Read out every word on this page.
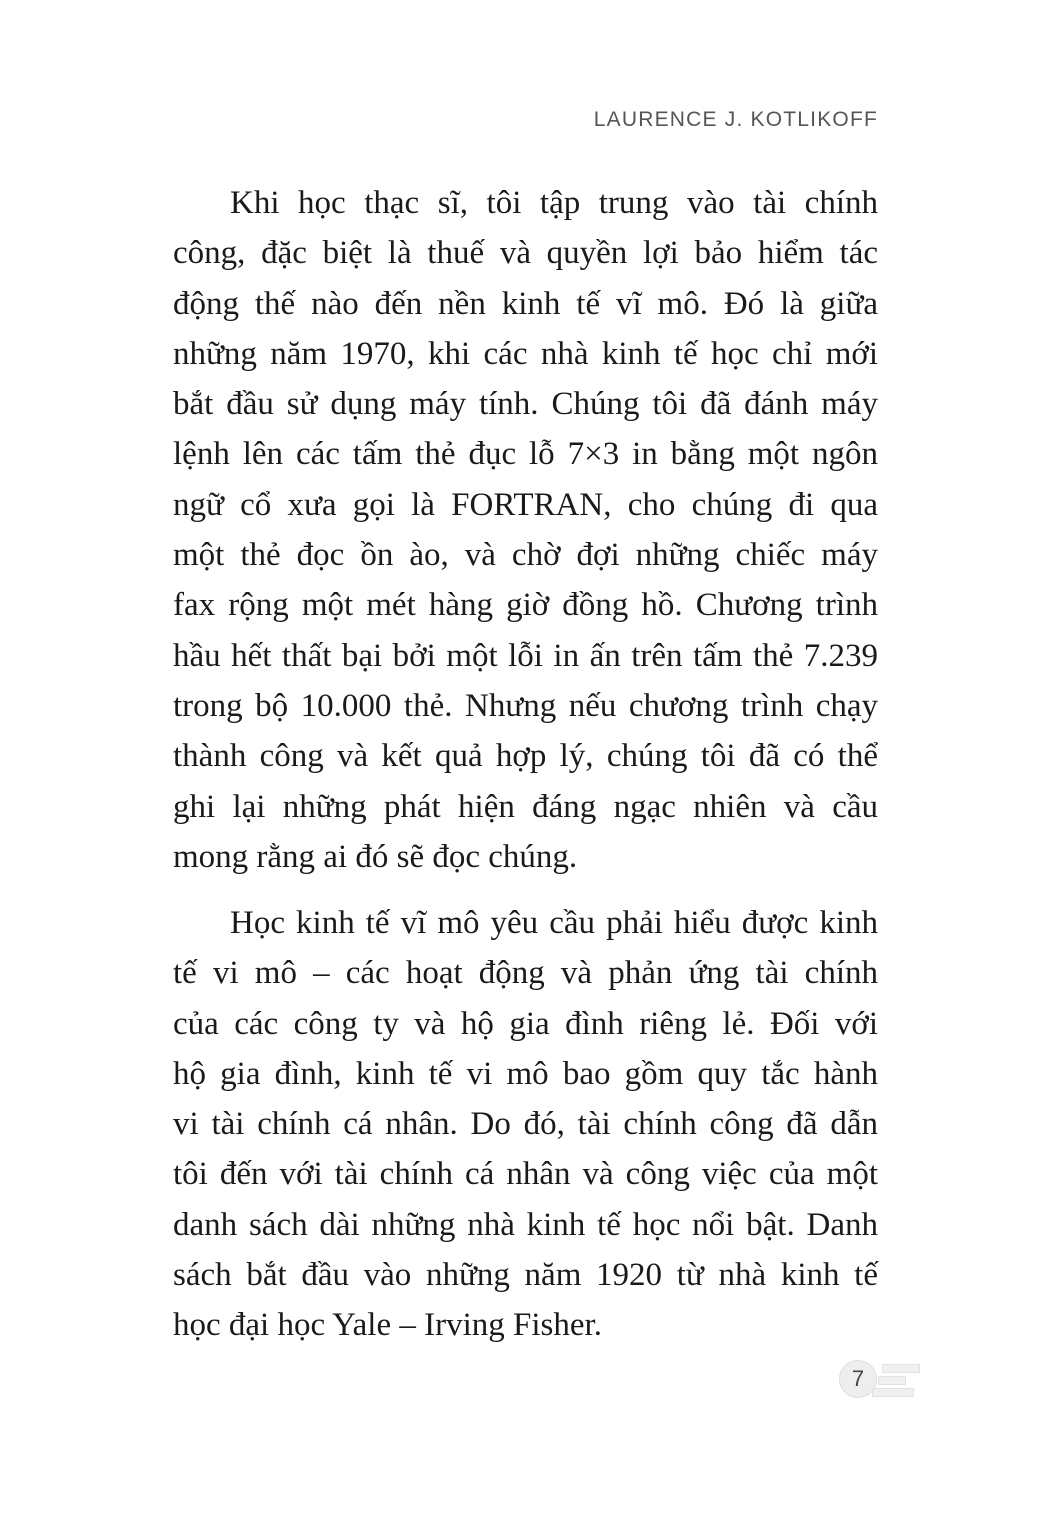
LAURENCE J. KOTLIKOFF
Khi học thạc sĩ, tôi tập trung vào tài chính
công, đặc biệt là thuế và quyền lợi bảo hiểm tác
động thế nào đến nền kinh tế vĩ mô. Đó là giữa
những năm 1970, khi các nhà kinh tế học chỉ mới
bắt đầu sử dụng máy tính. Chúng tôi đã đánh máy
lệnh lên các tấm thẻ đục lỗ 7×3 in bằng một ngôn
ngữ cổ xưa gọi là FORTRAN, cho chúng đi qua
một thẻ đọc ồn ào, và chờ đợi những chiếc máy
fax rộng một mét hàng giờ đồng hồ. Chương trình
hầu hết thất bại bởi một lỗi in ấn trên tấm thẻ 7.239
trong bộ 10.000 thẻ. Nhưng nếu chương trình chạy
thành công và kết quả hợp lý, chúng tôi đã có thể
ghi lại những phát hiện đáng ngạc nhiên và cầu
mong rằng ai đó sẽ đọc chúng.
Học kinh tế vĩ mô yêu cầu phải hiểu được kinh
tế vi mô – các hoạt động và phản ứng tài chính
của các công ty và hộ gia đình riêng lẻ. Đối với
hộ gia đình, kinh tế vi mô bao gồm quy tắc hành
vi tài chính cá nhân. Do đó, tài chính công đã dẫn
tôi đến với tài chính cá nhân và công việc của một
danh sách dài những nhà kinh tế học nổi bật. Danh
sách bắt đầu vào những năm 1920 từ nhà kinh tế
học đại học Yale – Irving Fisher.
7
